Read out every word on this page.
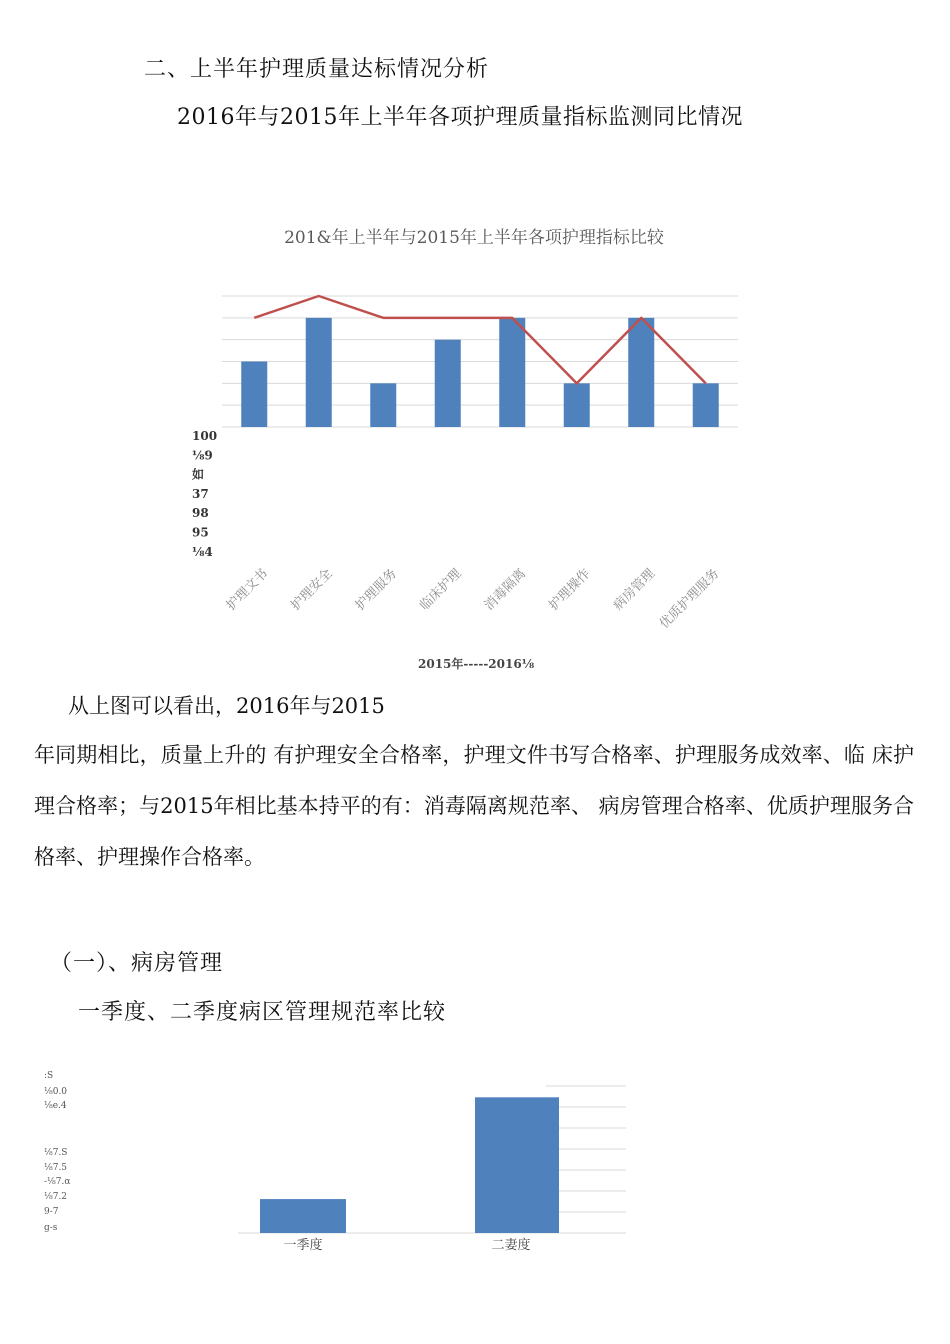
二、上半年护理质量达标情况分析
2016年与2015年上半年各项护理质量指标监测同比情况
201&年上半年与2015年上半年各项护理指标比较
100
⅛9
如
37
98
95
⅛4
护理文书 护理安全 护理服务 临床护理 消毒隔离 护理操作 病房管理
优质护理服务
2015年-----2016⅛
从上图可以看出，2016年与2015
年同期相比，质量上升的 有护理安全合格率，护理文件书写合格率、护理服务成效率、临 床护理合格率；与2015年相比基本持平的有：消毒隔离规范率、 病房管理合格率、优质护理服务合格率、护理操作合格率。
（一）、病房管理
一季度、二季度病区管理规范率比较
:S
⅛0.0
⅛e.4
⅛7.S
⅛7.5
-⅛7.α
⅛7.2
9-7
g-s
一季度	二妻度
